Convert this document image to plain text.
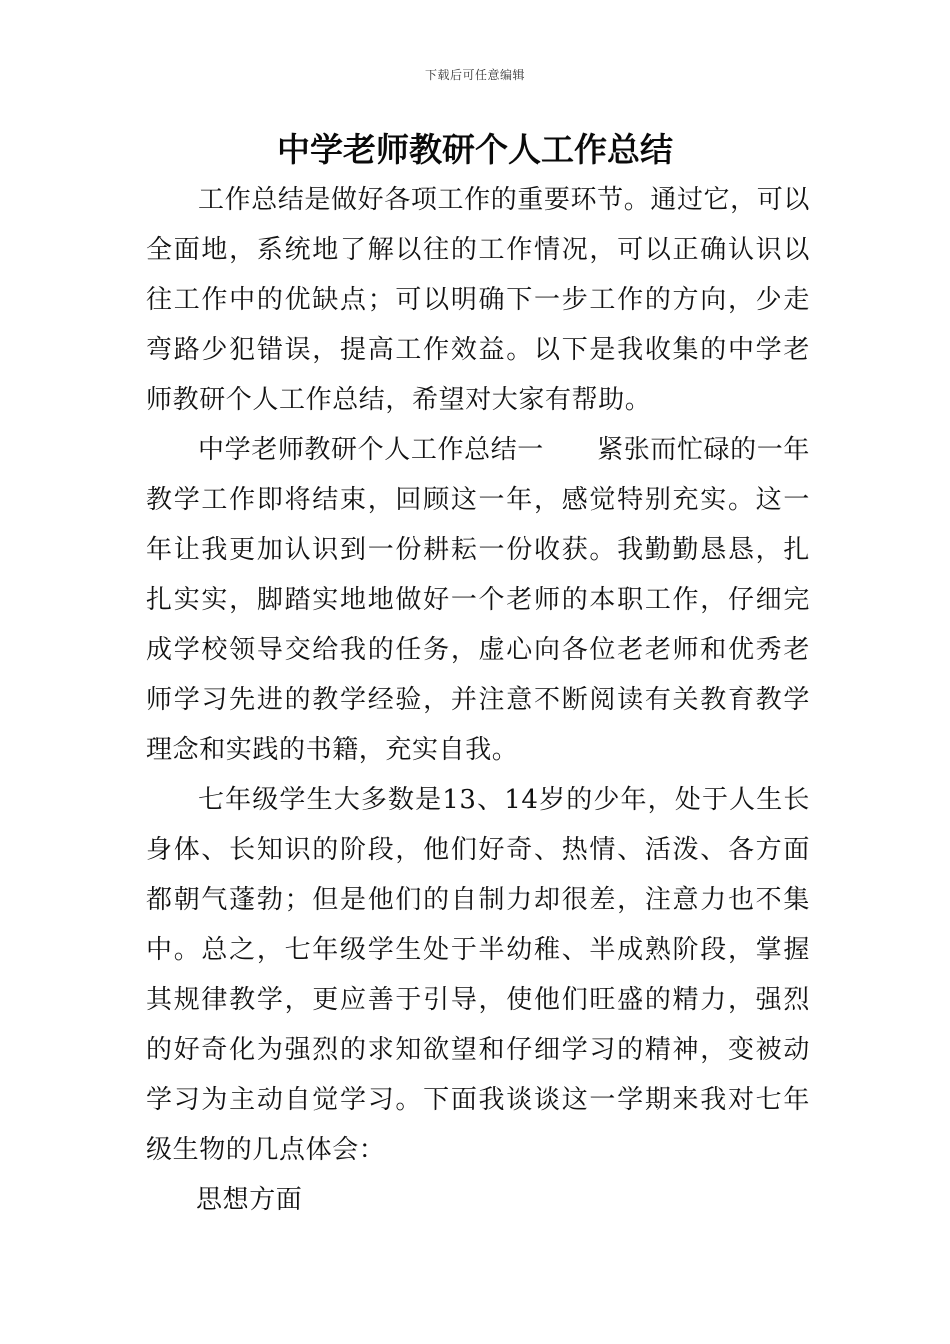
下载后可任意编辑
中学老师教研个人工作总结

工作总结是做好各项工作的重要环节。通过它，可以全面地，系统地了解以往的工作情况，可以正确认识以往工作中的优缺点；可以明确下一步工作的方向，少走弯路少犯错误，提高工作效益。以下是我收集的中学老师教研个人工作总结，希望对大家有帮助。

中学老师教研个人工作总结一　　紧张而忙碌的一年教学工作即将结束，回顾这一年，感觉特别充实。这一年让我更加认识到一份耕耘一份收获。我勤勤恳恳，扎扎实实，脚踏实地地做好一个老师的本职工作，仔细完成学校领导交给我的任务，虚心向各位老老师和优秀老师学习先进的教学经验，并注意不断阅读有关教育教学理念和实践的书籍，充实自我。

七年级学生大多数是13、14岁的少年，处于人生长身体、长知识的阶段，他们好奇、热情、活泼、各方面都朝气蓬勃；但是他们的自制力却很差，注意力也不集中。总之，七年级学生处于半幼稚、半成熟阶段，掌握其规律教学，更应善于引导，使他们旺盛的精力，强烈的好奇化为强烈的求知欲望和仔细学习的精神，变被动学习为主动自觉学习。下面我谈谈这一学期来我对七年级生物的几点体会：

思想方面
